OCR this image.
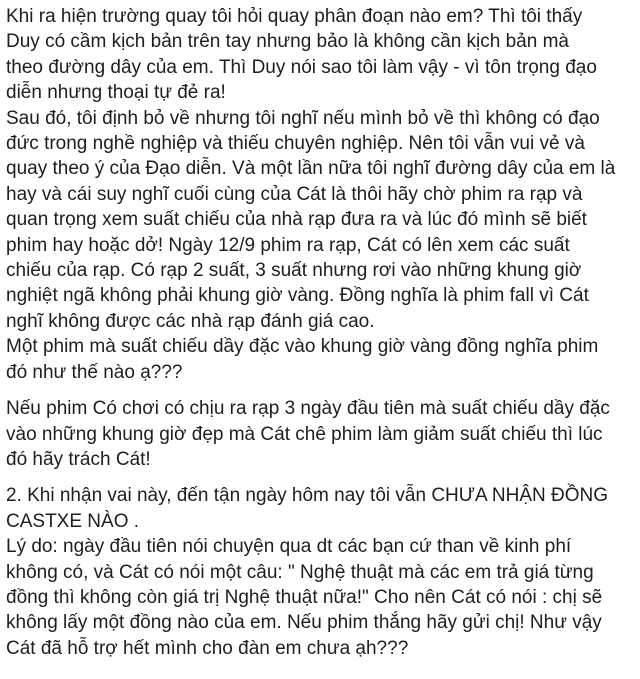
Khi ra hiện trường quay tôi hỏi quay phân đoạn nào em? Thì tôi thấy
Duy có cầm kịch bản trên tay nhưng bảo là không cần kịch bản mà
theo đường dây của em. Thì Duy nói sao tôi làm vậy - vì tôn trọng đạo
diễn nhưng thoại tự đẻ ra!
Sau đó, tôi định bỏ về nhưng tôi nghĩ nếu mình bỏ về thì không có đạo
đức trong nghề nghiệp và thiếu chuyên nghiệp. Nên tôi vẫn vui vẻ và
quay theo ý của Đạo diễn. Và một lần nữa tôi nghĩ đường dây của em là
hay và cái suy nghĩ cuối cùng của Cát là thôi hãy chờ phim ra rạp và
quan trọng xem suất chiếu của nhà rạp đưa ra và lúc đó mình sẽ biết
phim hay hoặc dở! Ngày 12/9 phim ra rạp, Cát có lên xem các suất
chiếu của rạp. Có rạp 2 suất, 3 suất nhưng rơi vào những khung giờ
nghiệt ngã không phải khung giờ vàng. Đồng nghĩa là phim fall vì Cát
nghĩ không được các nhà rạp đánh giá cao.
Một phim mà suất chiếu dầy đặc vào khung giờ vàng đồng nghĩa phim
đó như thế nào ạ???
Nếu phim Có chơi có chịu ra rạp 3 ngày đầu tiên mà suất chiếu dầy đặc
vào những khung giờ đẹp mà Cát chê phim làm giảm suất chiếu thì lúc
đó hãy trách Cát!
2. Khi nhận vai này, đến tận ngày hôm nay tôi vẫn CHƯA NHẬN ĐỒNG
CASTXE NÀO .
Lý do: ngày đầu tiên nói chuyện qua dt các bạn cứ than về kinh phí
không có, và Cát có nói một câu: " Nghệ thuật mà các em trả giá từng
đồng thì không còn giá trị Nghệ thuật nữa!" Cho nên Cát có nói : chị sẽ
không lấy một đồng nào của em. Nếu phim thắng hãy gửi chị! Như vậy
Cát đã hỗ trợ hết mình cho đàn em chưa ạh???
